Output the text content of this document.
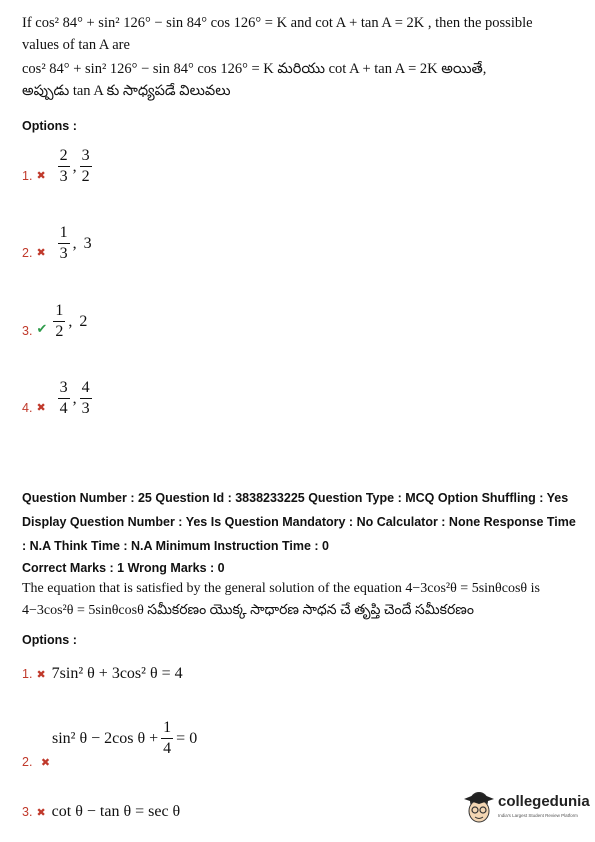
If cos² 84° + sin² 126° − sin 84° cos 126° = K and cot A + tan A = 2K , then the possible
values of tan A are
cos² 84° + sin² 126° − sin 84° cos 126° = K మరియు cot A + tan A = 2K అయితే,
అప్పుడు tan A కు సాధ్యపడే విలువలు
Options :
1. ✖ $\frac{2}{3}$ , $\frac{3}{2}$
2. ✖ $\frac{1}{3}$ , 3
3. ✔ $\frac{1}{2}$ , 2
4. ✖ $\frac{3}{4}$ , $\frac{4}{3}$
Question Number : 25 Question Id : 3838233225 Question Type : MCQ Option Shuffling : Yes
Display Question Number : Yes Is Question Mandatory : No Calculator : None Response Time
: N.A Think Time : N.A Minimum Instruction Time : 0
Correct Marks : 1 Wrong Marks : 0
The equation that is satisfied by the general solution of the equation 4−3cos²θ = 5sinθcosθ is
4−3cos²θ = 5sinθcosθ సమీకరణం యొక్క సాధారణ సాధన చే తృప్తి చెందే సమీకరణం
Options :
1. ✖ 7sin² θ + 3cos² θ = 4
sin² θ − 2cos $\theta + \frac{1}{4} = 0$
2. ✖
3. ✖ cot θ − tan θ = sec θ
collegedunia
India's Largest Student Review Platform
